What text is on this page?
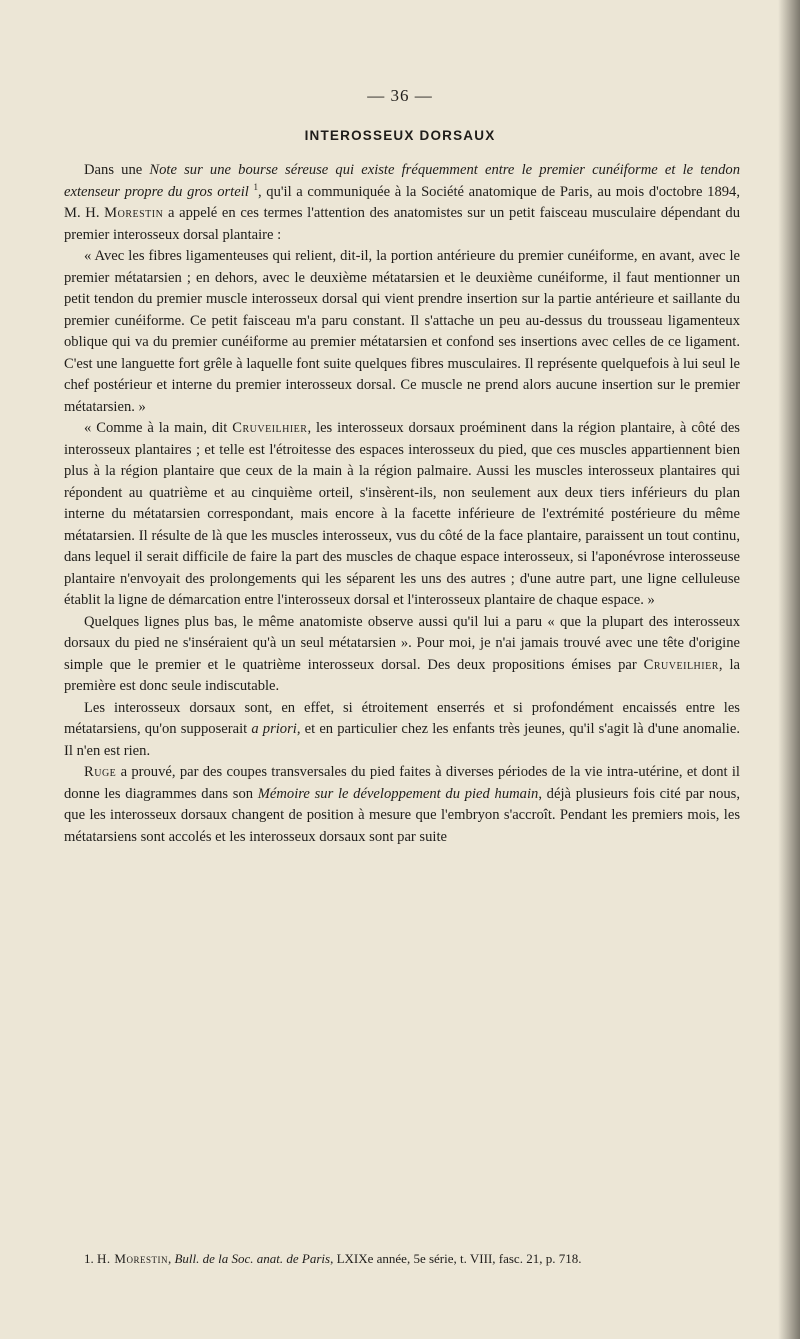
— 36 —
INTEROSSEUX DORSAUX

Dans une Note sur une bourse séreuse qui existe fréquemment entre le premier cunéiforme et le tendon extenseur propre du gros orteil $^1$, qu'il a communiquée à la Société anatomique de Paris, au mois d'octobre 1894, M. H. Morestin a appelé en ces termes l'attention des anatomistes sur un petit faisceau musculaire dépendant du premier interosseux dorsal plantaire :

« Avec les fibres ligamenteuses qui relient, dit-il, la portion antérieure du premier cunéiforme, en avant, avec le premier métatarsien ; en dehors, avec le deuxième métatarsien et le deuxième cunéiforme, il faut mentionner un petit tendon du premier muscle interosseux dorsal qui vient prendre insertion sur la partie antérieure et saillante du premier cunéiforme. Ce petit faisceau m'a paru constant. Il s'attache un peu au-dessus du trousseau ligamenteux oblique qui va du premier cunéiforme au premier métatarsien et confond ses insertions avec celles de ce ligament. C'est une languette fort grêle à laquelle font suite quelques fibres musculaires. Il représente quelquefois à lui seul le chef postérieur et interne du premier interosseux dorsal. Ce muscle ne prend alors aucune insertion sur le premier métatarsien. »

« Comme à la main, dit Cruveilhier, les interosseux dorsaux proéminent dans la région plantaire, à côté des interosseux plantaires ; et telle est l'étroitesse des espaces interosseux du pied, que ces muscles appartiennent bien plus à la région plantaire que ceux de la main à la région palmaire. Aussi les muscles interosseux plantaires qui répondent au quatrième et au cinquième orteil, s'insèrent-ils, non seulement aux deux tiers inférieurs du plan interne du métatarsien correspondant, mais encore à la facette inférieure de l'extrémité postérieure du même métatarsien. Il résulte de là que les muscles interosseux, vus du côté de la face plantaire, paraissent un tout continu, dans lequel il serait difficile de faire la part des muscles de chaque espace interosseux, si l'aponévrose interosseuse plantaire n'envoyait des prolongements qui les séparent les uns des autres ; d'une autre part, une ligne celluleuse établit la ligne de démarcation entre l'interosseux dorsal et l'interosseux plantaire de chaque espace. »

Quelques lignes plus bas, le même anatomiste observe aussi qu'il lui a paru « que la plupart des interosseux dorsaux du pied ne s'inséraient qu'à un seul métatarsien ». Pour moi, je n'ai jamais trouvé avec une tête d'origine simple que le premier et le quatrième interosseux dorsal. Des deux propositions émises par Cruveilhier, la première est donc seule indiscutable.

Les interosseux dorsaux sont, en effet, si étroitement enserrés et si profondément encaissés entre les métatarsiens, qu'on supposerait a priori, et en particulier chez les enfants très jeunes, qu'il s'agit là d'une anomalie. Il n'en est rien.

Ruge a prouvé, par des coupes transversales du pied faites à diverses périodes de la vie intra-utérine, et dont il donne les diagrammes dans son Mémoire sur le développement du pied humain, déjà plusieurs fois cité par nous, que les interosseux dorsaux changent de position à mesure que l'embryon s'accroît. Pendant les premiers mois, les métatarsiens sont accolés et les interosseux dorsaux sont par suite

1. H. Morestin, Bull. de la Soc. anat. de Paris, LXIXe année, 5e série, t. VIII, fasc. 21, p. 718.
